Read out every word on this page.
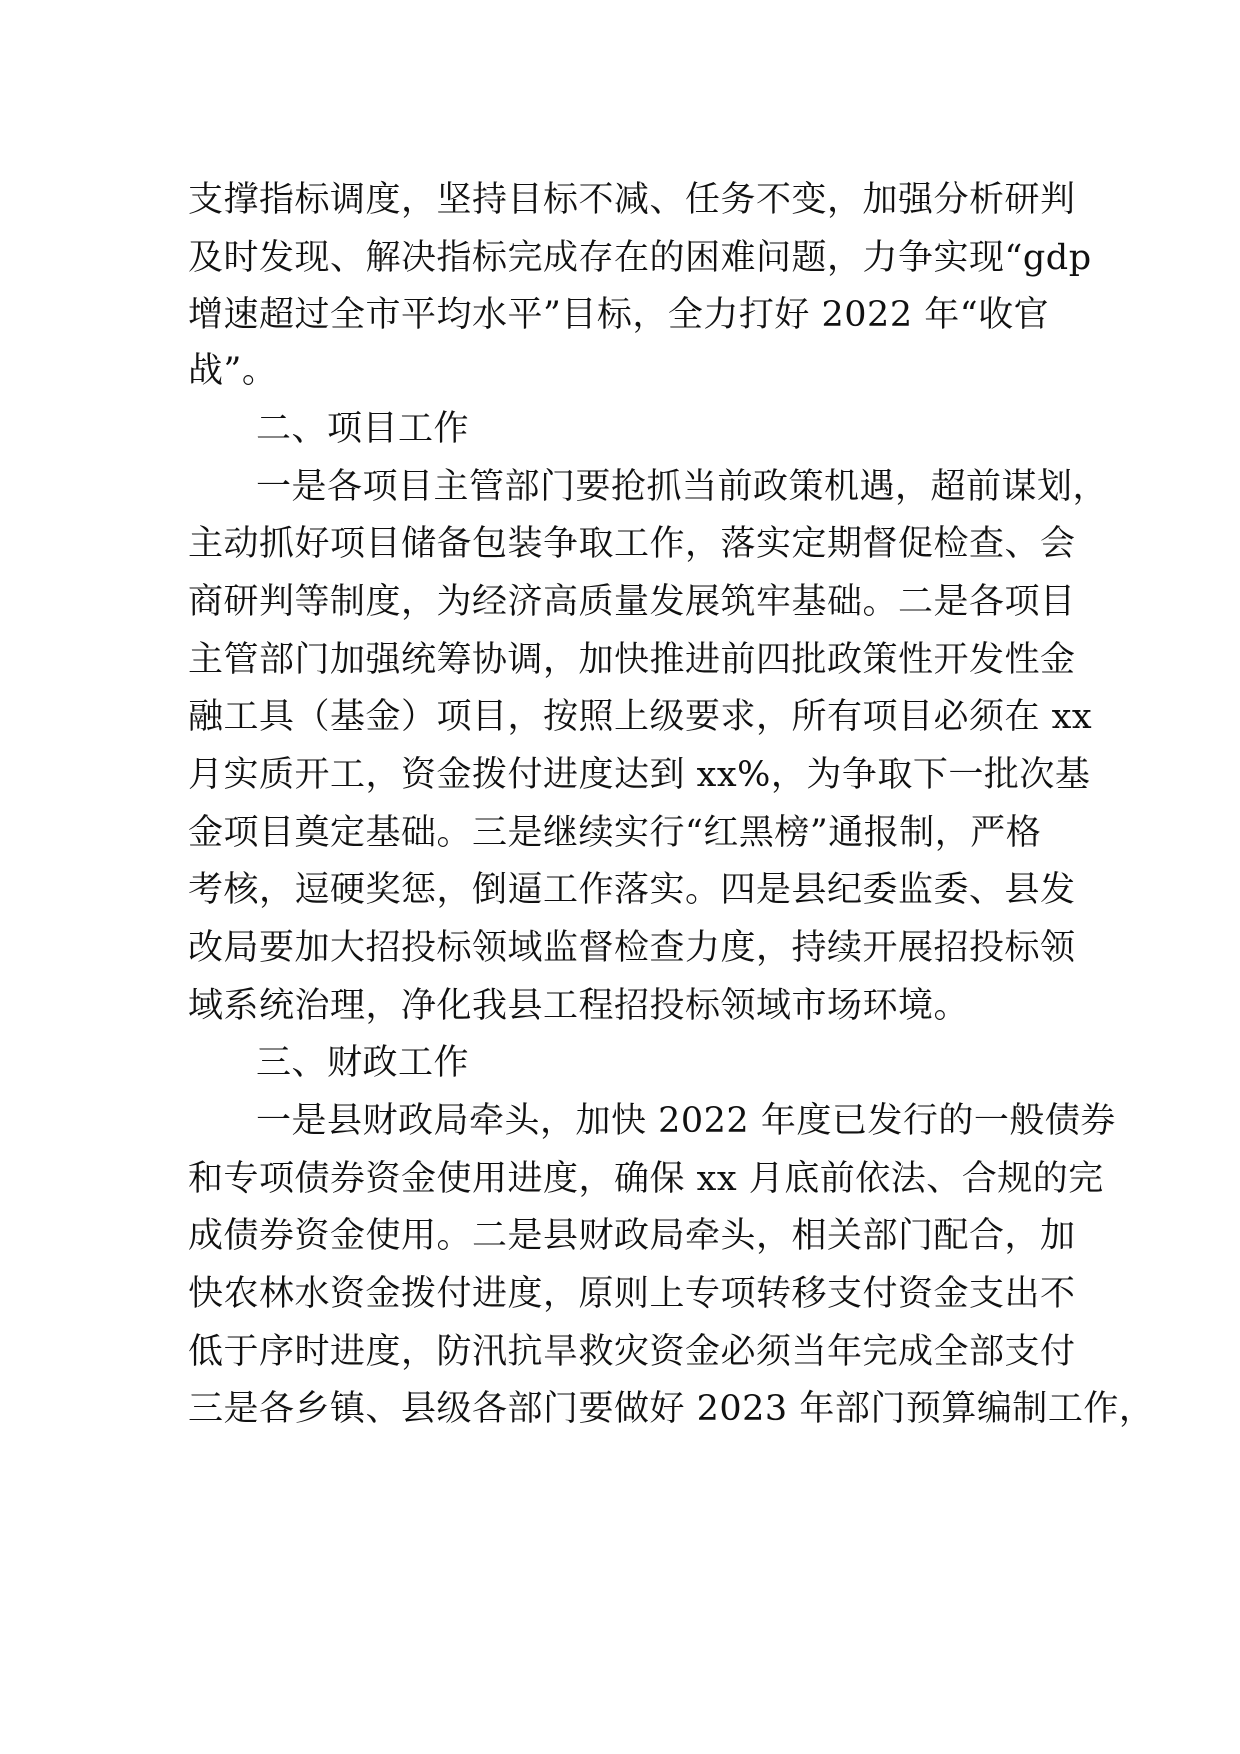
支撑指标调度，坚持目标不减、任务不变，加强分析研判
及时发现、解决指标完成存在的困难问题，力争实现“gdp
增速超过全市平均水平”目标，全力打好 2022 年“收官
战”。
二、项目工作
一是各项目主管部门要抢抓当前政策机遇，超前谋划，
主动抓好项目储备包装争取工作，落实定期督促检查、会
商研判等制度，为经济高质量发展筑牢基础。二是各项目
主管部门加强统筹协调，加快推进前四批政策性开发性金
融工具（基金）项目，按照上级要求，所有项目必须在 xx
月实质开工，资金拨付进度达到 xx%，为争取下一批次基
金项目奠定基础。三是继续实行“红黑榜”通报制，严格
考核，逗硬奖惩，倒逼工作落实。四是县纪委监委、县发
改局要加大招投标领域监督检查力度，持续开展招投标领
域系统治理，净化我县工程招投标领域市场环境。
三、财政工作
一是县财政局牵头，加快 2022 年度已发行的一般债券
和专项债券资金使用进度，确保 xx 月底前依法、合规的完
成债券资金使用。二是县财政局牵头，相关部门配合，加
快农林水资金拨付进度，原则上专项转移支付资金支出不
低于序时进度，防汛抗旱救灾资金必须当年完成全部支付
三是各乡镇、县级各部门要做好 2023 年部门预算编制工作，
